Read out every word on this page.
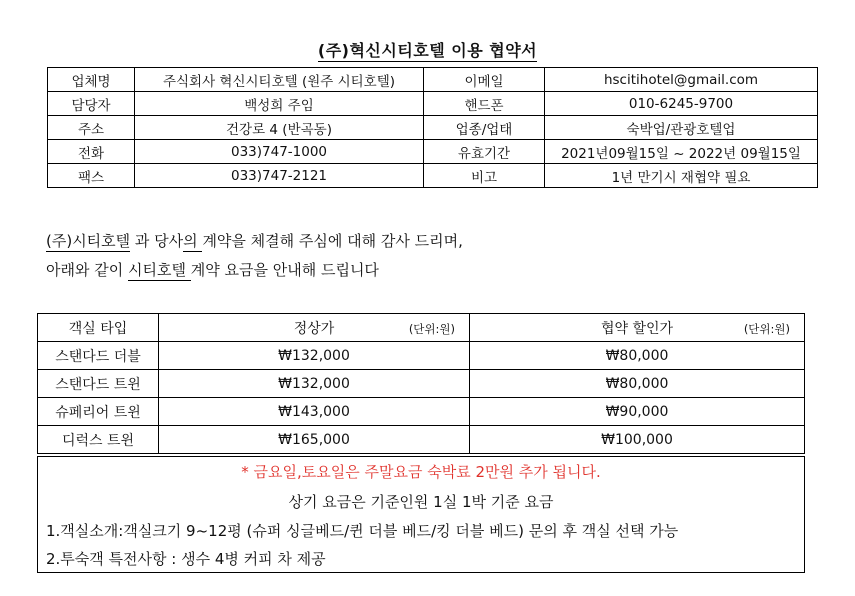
(주)혁신시티호텔 이용 협약서
업체명	주식회사 혁신시티호텔 (원주 시티호텔)	이메일	hscitihotel@gmail.com
담당자	백성희 주임	핸드폰	010-6245-9700
주소	건강로 4 (반곡동)	업종/업태	숙박업/관광호텔업
전화	033)747-1000	유효기간	2021년09월15일 ~ 2022년 09월15일
팩스	033)747-2121	비고	1년 만기시 재협약 필요
(주)시티호텔 과 당사의 계약을 체결해 주심에 대해 감사 드리며,
아래와 같이 시티호텔 계약 요금을 안내해 드립니다
객실 타입	정상가 (단위:원)	협약 할인가 (단위:원)

스탠다드 더블	₩132,000	₩80,000
스탠다드 트윈	₩132,000	₩80,000
슈페리어 트윈	₩143,000	₩90,000
디럭스 트윈	₩165,000	₩100,000
* 금요일,토요일은 주말요금 숙박료 2만원 추가 됩니다.
상기 요금은 기준인원 1실 1박 기준 요금
1.객실소개:객실크기 9~12평 (슈퍼 싱글베드/퀸 더블 베드/킹 더블 베드) 문의 후 객실 선택 가능
2.투숙객 특전사항 : 생수 4병 커피 차 제공
